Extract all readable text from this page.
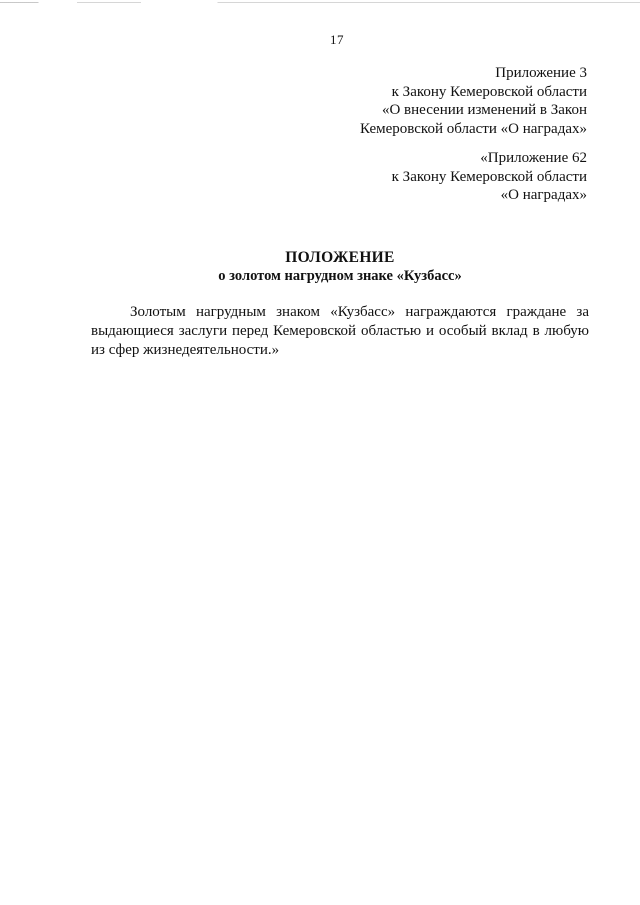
17
Приложение 3
к Закону Кемеровской области
«О внесении изменений в Закон
Кемеровской области «О наградах»
«Приложение 62
к Закону Кемеровской области
«О наградах»
ПОЛОЖЕНИЕ
о золотом нагрудном знаке «Кузбасс»
Золотым нагрудным знаком «Кузбасс» награждаются граждане за
выдающиеся заслуги перед Кемеровской областью и особый вклад в любую
из сфер жизнедеятельности.»
